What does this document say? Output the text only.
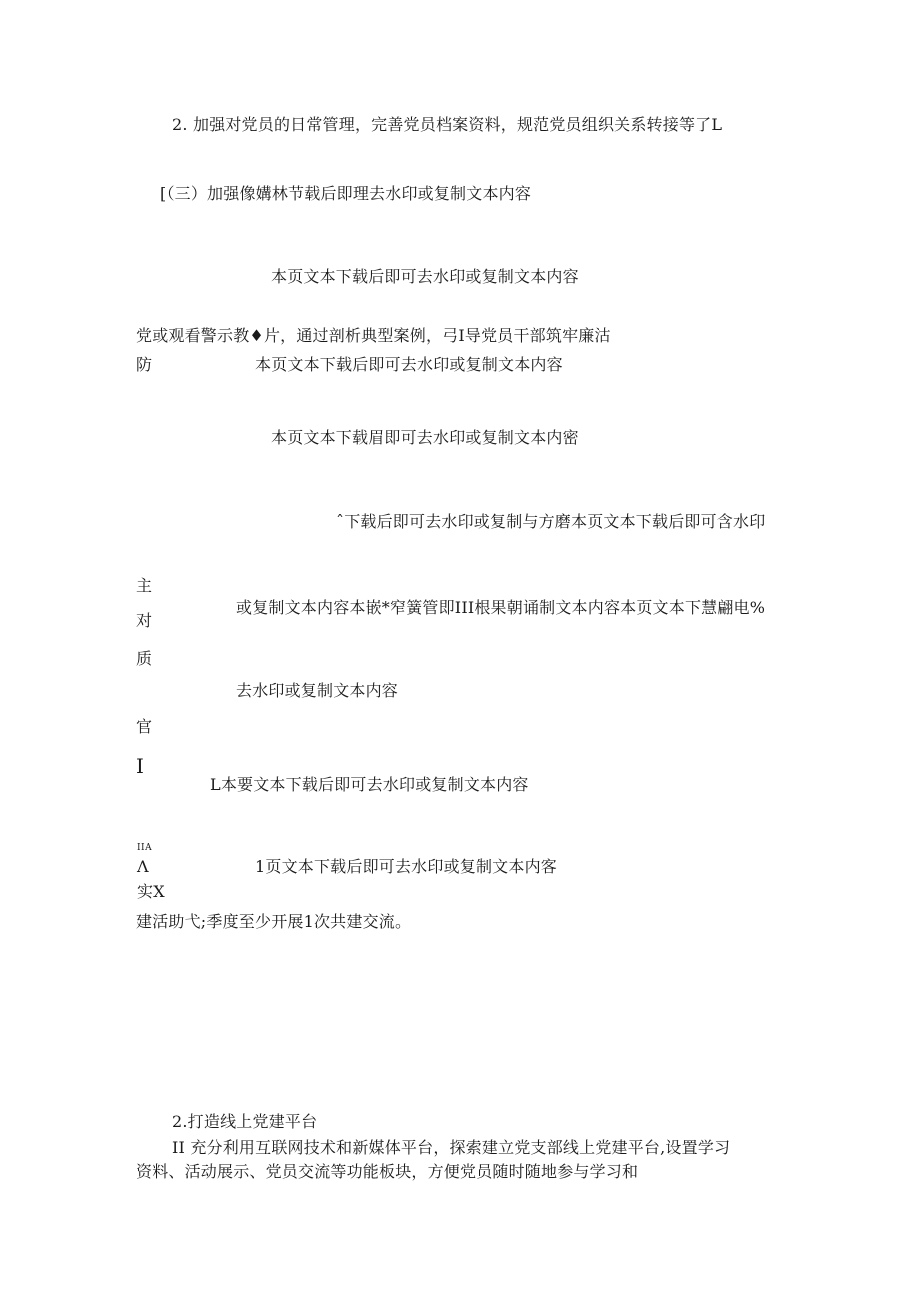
2. 加强对党员的日常管理，完善党员档案资料，规范党员组织关系转接等了L
[（三）加强像媾林节载后即理去水印或复制文本内容
本页文本下载后即可去水印或复制文本内容
党或观看警示教♦片，通过剖析典型案例，弓I导党员干部筑牢廉沽
防	本页文本下载后即可去水印或复制文本内容
本页文本下载眉即可去水印或复制文本内密
ˆ下载后即可去水印或复制与方磨本页文本下载后即可含水印
主
或复制文本内容本嵌*窄簧管即ΙΙΙ根果朝诵制文本内容本页文本下慧翩电%
对
质
去水印或复制文本内容
官
I
L本要文本下载后即可去水印或复制文本内容
ΙΙA
Λ	1页文本下载后即可去水印或复制文本内客
实X
建活助弋;季度至少开展1次共建交流。
2.打造线上党建平台
II 充分利用互联网技术和新媒体平台，探索建立党支部线上党建平台,设置学习
资料、活动展示、党员交流等功能板块，方便党员随时随地参与学习和
